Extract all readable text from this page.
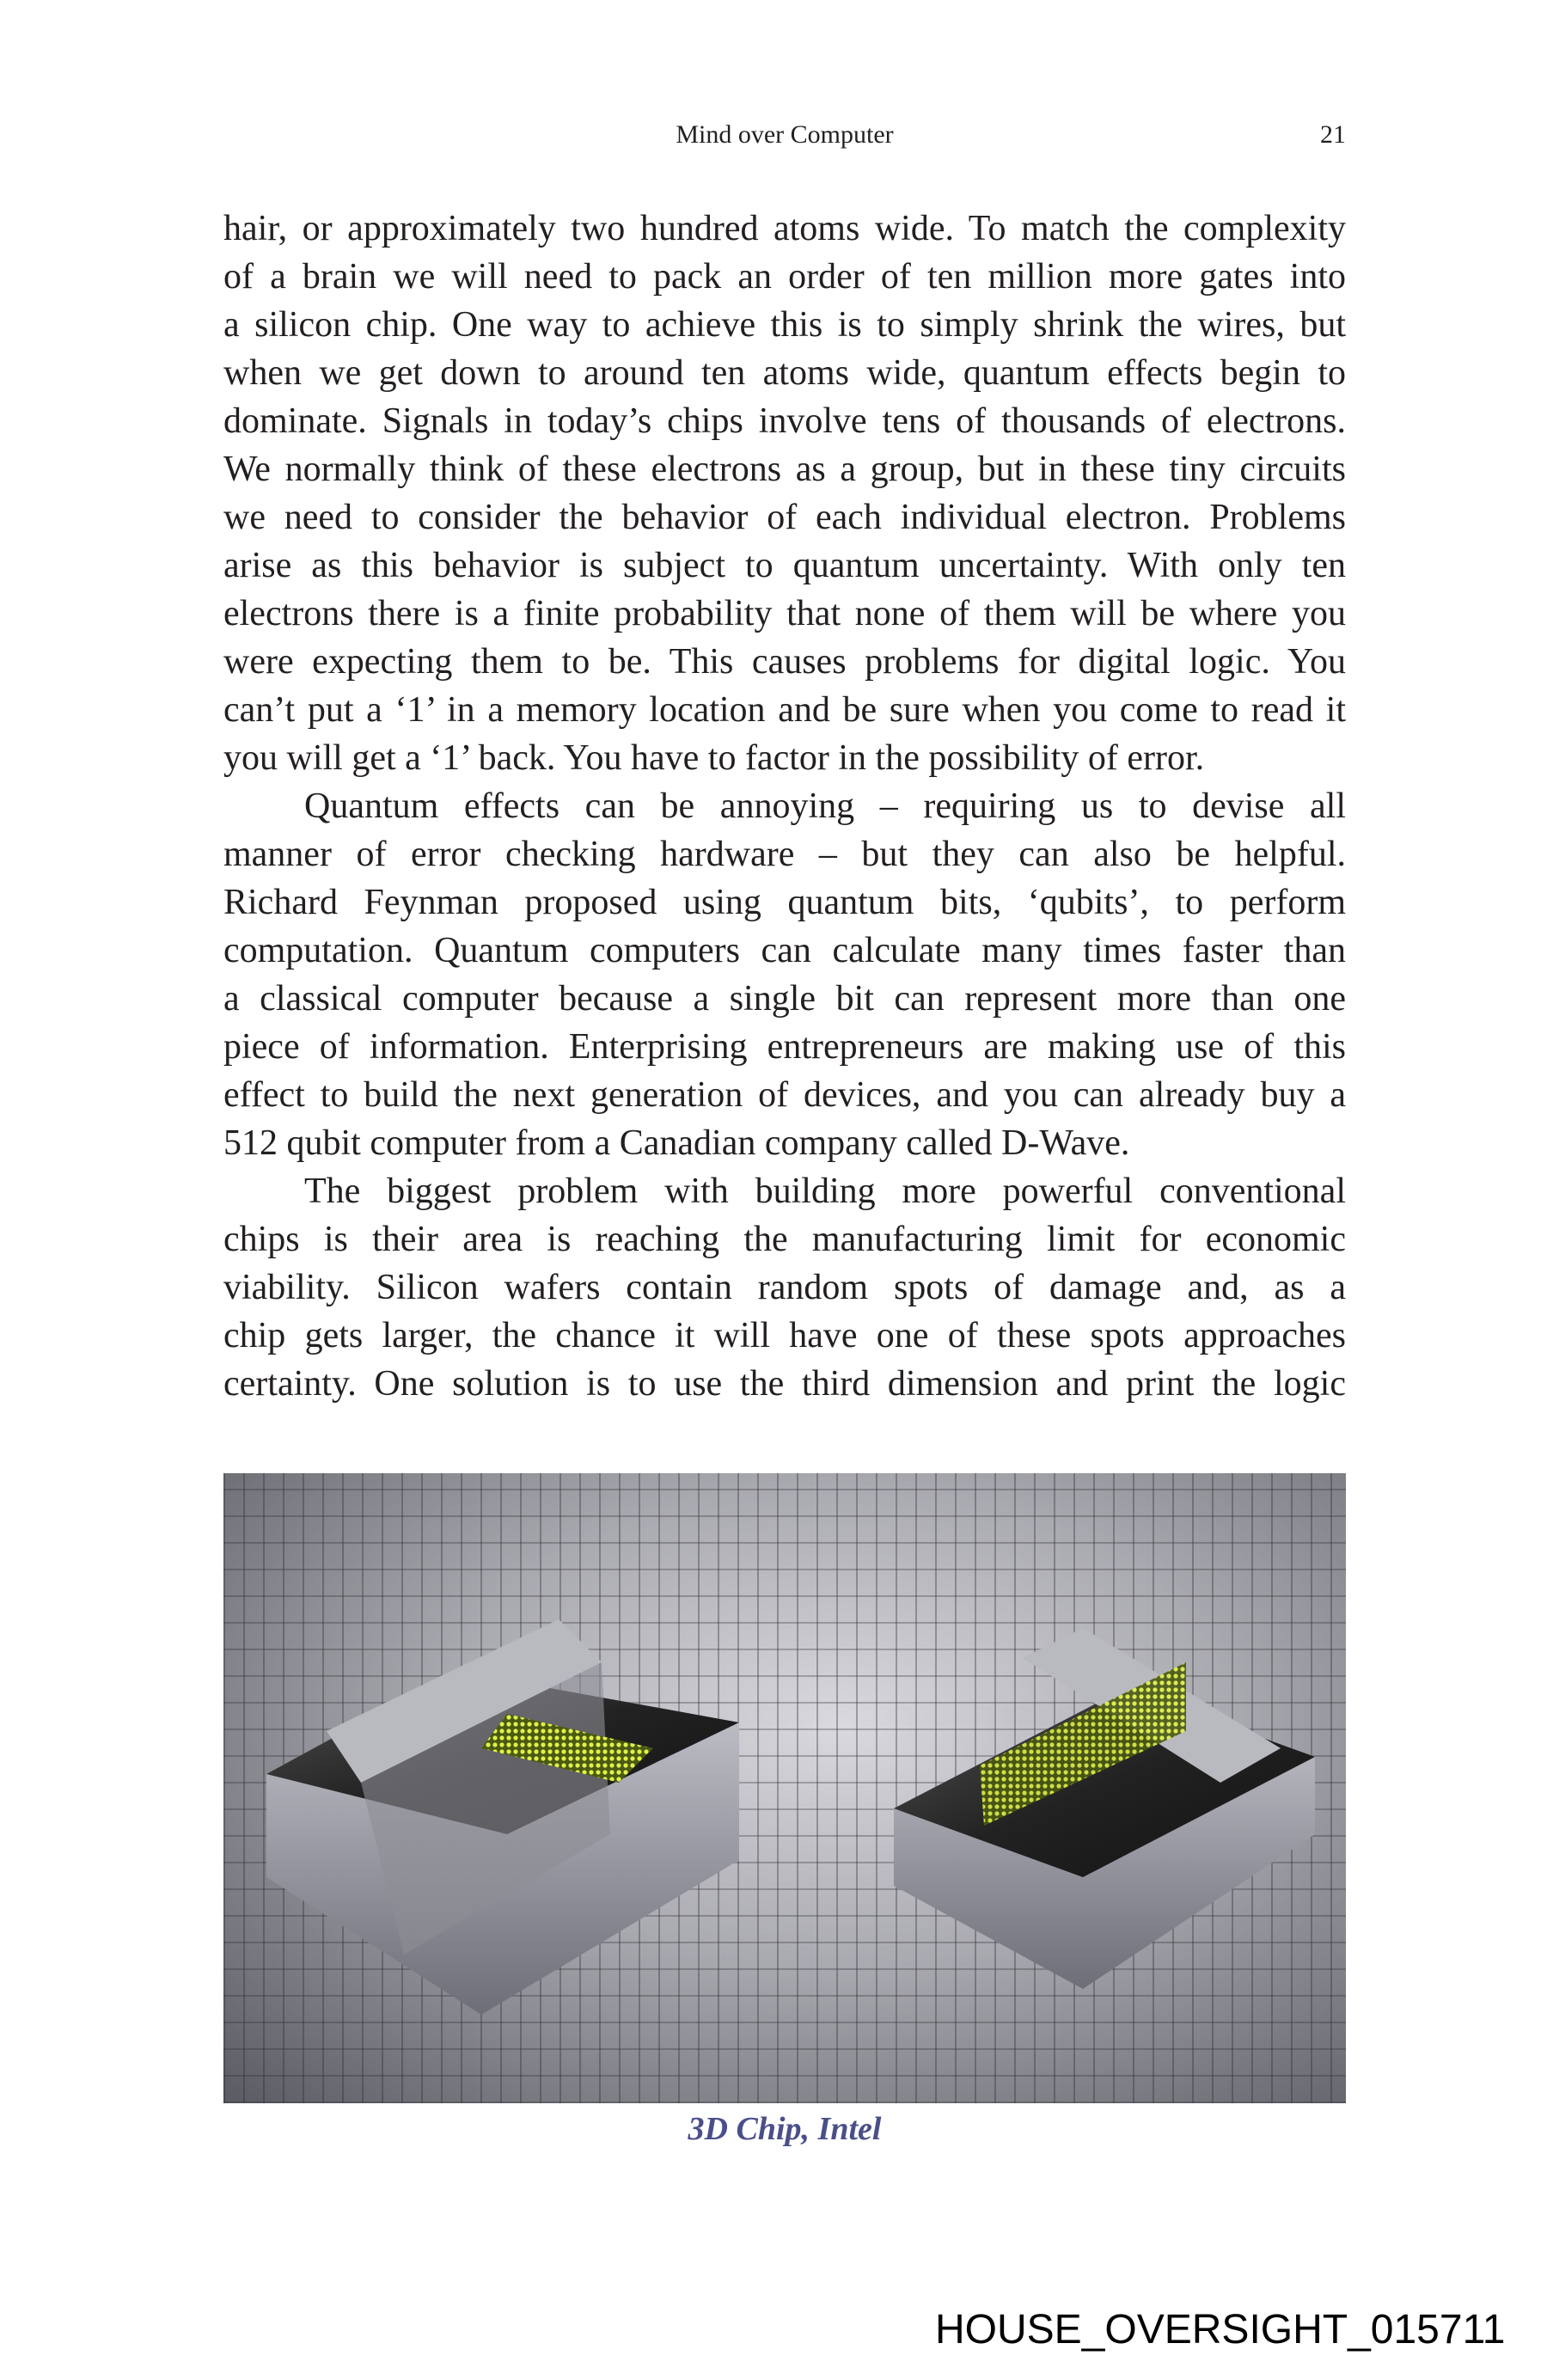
Mind over Computer	21
hair, or approximately two hundred atoms wide. To match the complexity
of a brain we will need to pack an order of ten million more gates into
a silicon chip. One way to achieve this is to simply shrink the wires, but
when we get down to around ten atoms wide, quantum effects begin to
dominate. Signals in today’s chips involve tens of thousands of electrons.
We normally think of these electrons as a group, but in these tiny circuits
we need to consider the behavior of each individual electron. Problems
arise as this behavior is subject to quantum uncertainty. With only ten
electrons there is a finite probability that none of them will be where you
were expecting them to be. This causes problems for digital logic. You
can’t put a ‘1’ in a memory location and be sure when you come to read it
you will get a ‘1’ back. You have to factor in the possibility of error.
Quantum effects can be annoying – requiring us to devise all
manner of error checking hardware – but they can also be helpful.
Richard Feynman proposed using quantum bits, ‘qubits’, to perform
computation. Quantum computers can calculate many times faster than
a classical computer because a single bit can represent more than one
piece of information. Enterprising entrepreneurs are making use of this
effect to build the next generation of devices, and you can already buy a
512 qubit computer from a Canadian company called D-Wave.
The biggest problem with building more powerful conventional
chips is their area is reaching the manufacturing limit for economic
viability. Silicon wafers contain random spots of damage and, as a
chip gets larger, the chance it will have one of these spots approaches
certainty. One solution is to use the third dimension and print the logic
3D Chip, Intel
HOUSE_OVERSIGHT_015711
